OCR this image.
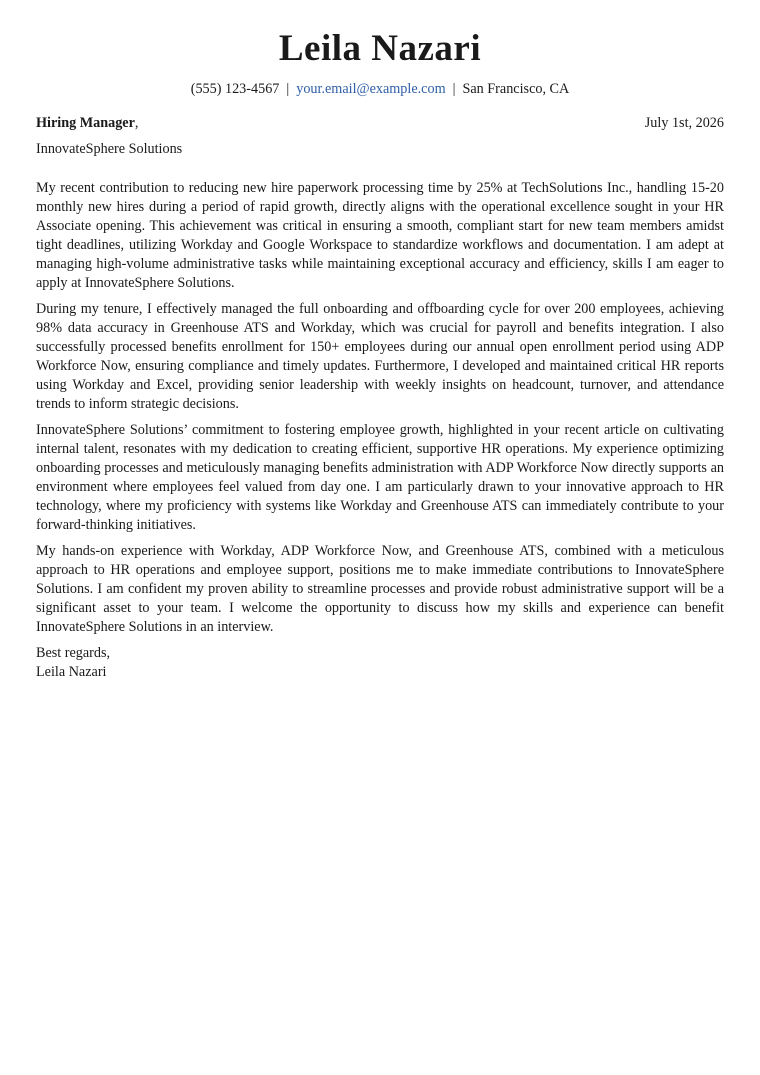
Leila Nazari
(555) 123-4567 | your.email@example.com | San Francisco, CA
Hiring Manager,	July 1st, 2026
InnovateSphere Solutions

My recent contribution to reducing new hire paperwork processing time by 25% at TechSolutions Inc., handling 15-20 monthly new hires during a period of rapid growth, directly aligns with the operational excellence sought in your HR Associate opening. This achievement was critical in ensuring a smooth, compliant start for new team members amidst tight deadlines, utilizing Workday and Google Workspace to standardize workflows and documentation. I am adept at managing high-volume administrative tasks while maintaining exceptional accuracy and efficiency, skills I am eager to apply at InnovateSphere Solutions.

During my tenure, I effectively managed the full onboarding and offboarding cycle for over 200 employees, achieving 98% data accuracy in Greenhouse ATS and Workday, which was crucial for payroll and benefits integration. I also successfully processed benefits enrollment for 150+ employees during our annual open enrollment period using ADP Workforce Now, ensuring compliance and timely updates. Furthermore, I developed and maintained critical HR reports using Workday and Excel, providing senior leadership with weekly insights on headcount, turnover, and attendance trends to inform strategic decisions.

InnovateSphere Solutions’ commitment to fostering employee growth, highlighted in your recent article on cultivating internal talent, resonates with my dedication to creating efficient, supportive HR operations. My experience optimizing onboarding processes and meticulously managing benefits administration with ADP Workforce Now directly supports an environment where employees feel valued from day one. I am particularly drawn to your innovative approach to HR technology, where my proficiency with systems like Workday and Greenhouse ATS can immediately contribute to your forward-thinking initiatives.

My hands-on experience with Workday, ADP Workforce Now, and Greenhouse ATS, combined with a meticulous approach to HR operations and employee support, positions me to make immediate contributions to InnovateSphere Solutions. I am confident my proven ability to streamline processes and provide robust administrative support will be a significant asset to your team. I welcome the opportunity to discuss how my skills and experience can benefit InnovateSphere Solutions in an interview.

Best regards,
Leila Nazari
